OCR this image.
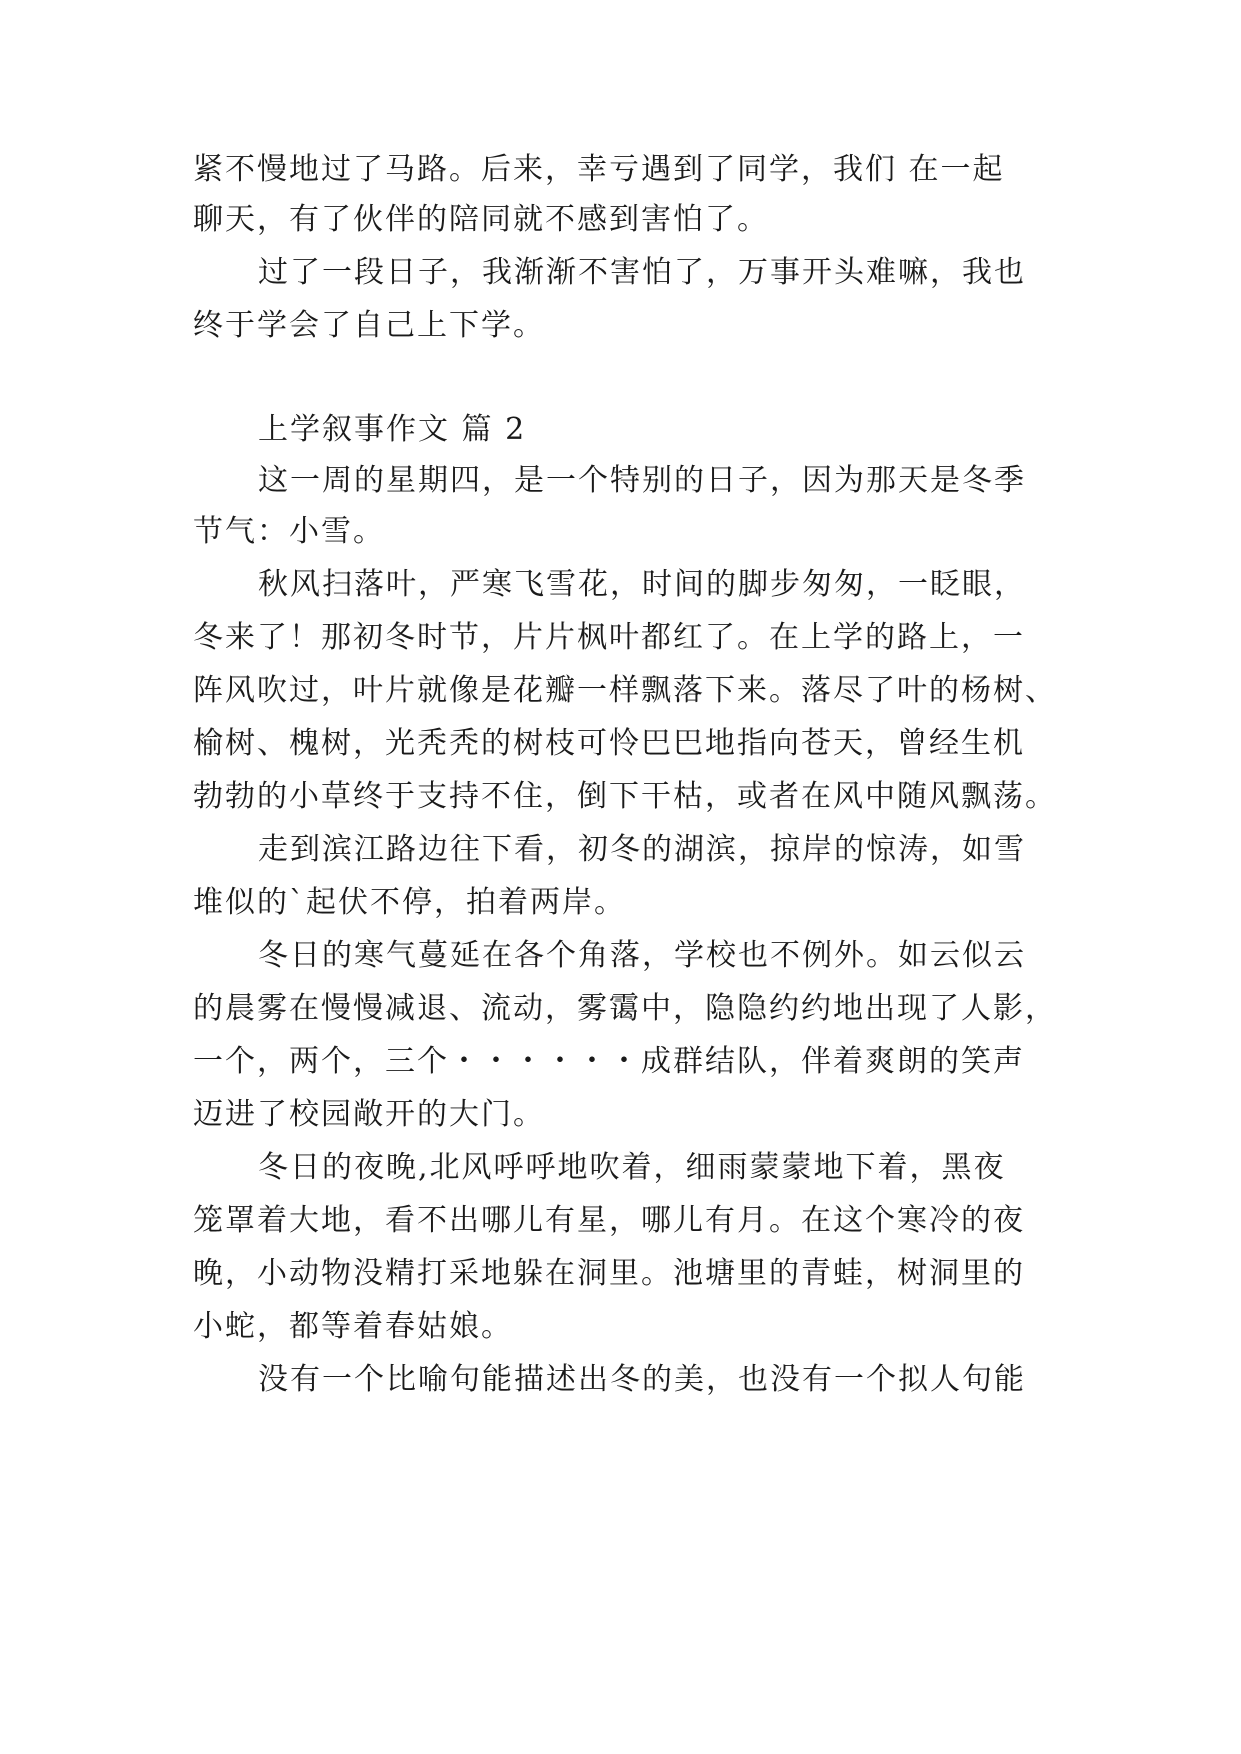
紧不慢地过了马路。后来，幸亏遇到了同学，我们 在一起
聊天，有了伙伴的陪同就不感到害怕了。
过了一段日子，我渐渐不害怕了，万事开头难嘛，我也
终于学会了自己上下学。
上学叙事作文 篇 2
这一周的星期四，是一个特别的日子，因为那天是冬季
节气：小雪。
秋风扫落叶，严寒飞雪花，时间的脚步匆匆，一眨眼，
冬来了！那初冬时节，片片枫叶都红了。在上学的路上，一
阵风吹过，叶片就像是花瓣一样飘落下来。落尽了叶的杨树、
榆树、槐树，光秃秃的树枝可怜巴巴地指向苍天，曾经生机
勃勃的小草终于支持不住，倒下干枯，或者在风中随风飘荡。
走到滨江路边往下看，初冬的湖滨，掠岸的惊涛，如雪
堆似的`起伏不停，拍着两岸。
冬日的寒气蔓延在各个角落，学校也不例外。如云似云
的晨雾在慢慢减退、流动，雾霭中，隐隐约约地出现了人影，
一个，两个，三个・・・・・・成群结队，伴着爽朗的笑声
迈进了校园敞开的大门。
冬日的夜晚,北风呼呼地吹着，细雨蒙蒙地下着，黑夜
笼罩着大地，看不出哪儿有星，哪儿有月。在这个寒冷的夜
晚，小动物没精打采地躲在洞里。池塘里的青蛙，树洞里的
小蛇，都等着春姑娘。
没有一个比喻句能描述出冬的美，也没有一个拟人句能
